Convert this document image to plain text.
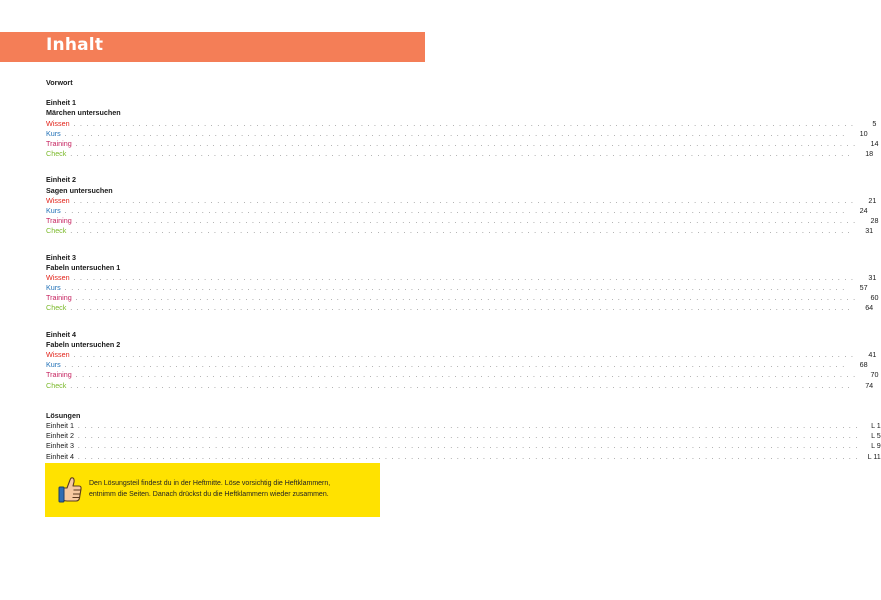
Inhalt
Vorwort
Einheit 1
Märchen untersuchen
Wissen . . . . . . . . . . . . . . . . . . . . . . . . . . . . . . . . . . . . . . . . . . . . . . . . . . . . . . . . . . . . . . . . . . . . . . . . . . . . . . . . . . . . . . . . . . . . . . . . . . . . . . . . . . . . . . . . . . . . . . . .	5
Kurs . . . . . . . . . . . . . . . . . . . . . . . . . . . . . . . . . . . . . . . . . . . . . . . . . . . . . . . . . . . . . . . . . . . . . . . . . . . . . . . . . . . . . . . . . . . . . . . . . . . . . . . . . . . . . . . . . . . . . . . .	10
Training . . . . . . . . . . . . . . . . . . . . . . . . . . . . . . . . . . . . . . . . . . . . . . . . . . . . . . . . . . . . . . . . . . . . . . . . . . . . . . . . . . . . . . . . . . . . . . . . . . . . . . . . . . . . . . . . . . . . . . . .	14
Check . . . . . . . . . . . . . . . . . . . . . . . . . . . . . . . . . . . . . . . . . . . . . . . . . . . . . . . . . . . . . . . . . . . . . . . . . . . . . . . . . . . . . . . . . . . . . . . . . . . . . . . . . . . . . . . . . . . . . . . .	18
Einheit 2
Sagen untersuchen
Wissen . . . . . . . . . . . . . . . . . . . . . . . . . . . . . . . . . . . . . . . . . . . . . . . . . . . . . . . . . . . . . . . . . . . . . . . . . . . . . . . . . . . . . . . . . . . . . . . . . . . . . . . . . . . . . . . . . . . . . . . .	21
Kurs . . . . . . . . . . . . . . . . . . . . . . . . . . . . . . . . . . . . . . . . . . . . . . . . . . . . . . . . . . . . . . . . . . . . . . . . . . . . . . . . . . . . . . . . . . . . . . . . . . . . . . . . . . . . . . . . . . . . . . . .	24
Training . . . . . . . . . . . . . . . . . . . . . . . . . . . . . . . . . . . . . . . . . . . . . . . . . . . . . . . . . . . . . . . . . . . . . . . . . . . . . . . . . . . . . . . . . . . . . . . . . . . . . . . . . . . . . . . . . . . . . . . .	28
Check . . . . . . . . . . . . . . . . . . . . . . . . . . . . . . . . . . . . . . . . . . . . . . . . . . . . . . . . . . . . . . . . . . . . . . . . . . . . . . . . . . . . . . . . . . . . . . . . . . . . . . . . . . . . . . . . . . . . . . . .	31
Einheit 3
Fabeln untersuchen 1
Wissen . . . . . . . . . . . . . . . . . . . . . . . . . . . . . . . . . . . . . . . . . . . . . . . . . . . . . . . . . . . . . . . . . . . . . . . . . . . . . . . . . . . . . . . . . . . . . . . . . . . . . . . . . . . . . . . . . . . . . . . .	31
Kurs . . . . . . . . . . . . . . . . . . . . . . . . . . . . . . . . . . . . . . . . . . . . . . . . . . . . . . . . . . . . . . . . . . . . . . . . . . . . . . . . . . . . . . . . . . . . . . . . . . . . . . . . . . . . . . . . . . . . . . . .	57
Training . . . . . . . . . . . . . . . . . . . . . . . . . . . . . . . . . . . . . . . . . . . . . . . . . . . . . . . . . . . . . . . . . . . . . . . . . . . . . . . . . . . . . . . . . . . . . . . . . . . . . . . . . . . . . . . . . . . . . . . .	60
Check . . . . . . . . . . . . . . . . . . . . . . . . . . . . . . . . . . . . . . . . . . . . . . . . . . . . . . . . . . . . . . . . . . . . . . . . . . . . . . . . . . . . . . . . . . . . . . . . . . . . . . . . . . . . . . . . . . . . . . . .	64
Einheit 4
Fabeln untersuchen 2
Wissen . . . . . . . . . . . . . . . . . . . . . . . . . . . . . . . . . . . . . . . . . . . . . . . . . . . . . . . . . . . . . . . . . . . . . . . . . . . . . . . . . . . . . . . . . . . . . . . . . . . . . . . . . . . . . . . . . . . . . . . .	41
Kurs . . . . . . . . . . . . . . . . . . . . . . . . . . . . . . . . . . . . . . . . . . . . . . . . . . . . . . . . . . . . . . . . . . . . . . . . . . . . . . . . . . . . . . . . . . . . . . . . . . . . . . . . . . . . . . . . . . . . . . . .	68
Training . . . . . . . . . . . . . . . . . . . . . . . . . . . . . . . . . . . . . . . . . . . . . . . . . . . . . . . . . . . . . . . . . . . . . . . . . . . . . . . . . . . . . . . . . . . . . . . . . . . . . . . . . . . . . . . . . . . . . . . .	70
Check . . . . . . . . . . . . . . . . . . . . . . . . . . . . . . . . . . . . . . . . . . . . . . . . . . . . . . . . . . . . . . . . . . . . . . . . . . . . . . . . . . . . . . . . . . . . . . . . . . . . . . . . . . . . . . . . . . . . . . . .	74
Lösungen
Einheit 1 . . . . . . . . . . . . . . . . . . . . . . . . . . . . . . . . . . . . . . . . . . . . . . . . . . . . . . . . . . . . . . . . . . . . . . . . . . . . . . . . . . . . . . . . . . . . . . . . . . . . . . . . . . . . . . . . . . . . . . . .	L 1
Einheit 2 . . . . . . . . . . . . . . . . . . . . . . . . . . . . . . . . . . . . . . . . . . . . . . . . . . . . . . . . . . . . . . . . . . . . . . . . . . . . . . . . . . . . . . . . . . . . . . . . . . . . . . . . . . . . . . . . . . . . . . . .	L 5
Einheit 3 . . . . . . . . . . . . . . . . . . . . . . . . . . . . . . . . . . . . . . . . . . . . . . . . . . . . . . . . . . . . . . . . . . . . . . . . . . . . . . . . . . . . . . . . . . . . . . . . . . . . . . . . . . . . . . . . . . . . . . . .	L 9
Einheit 4 . . . . . . . . . . . . . . . . . . . . . . . . . . . . . . . . . . . . . . . . . . . . . . . . . . . . . . . . . . . . . . . . . . . . . . . . . . . . . . . . . . . . . . . . . . . . . . . . . . . . . . . . . . . . . . . . . . . . . . . .	L 11
Den Lösungsteil findest du in der Heftmitte. Löse vorsichtig die Heftklammern,
entnimm die Seiten. Danach drückst du die Heftklammern wieder zusammen.
